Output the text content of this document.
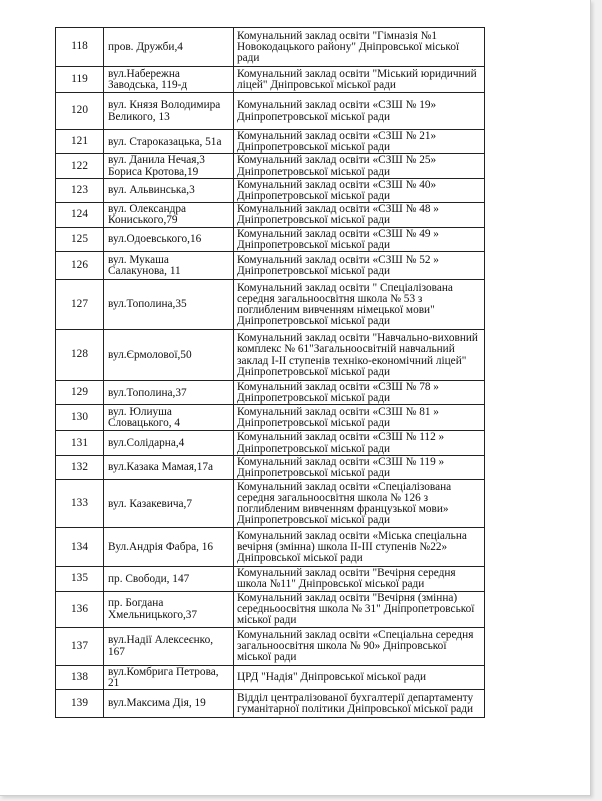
118	пров. Дружби,4	Комунальний заклад освіти "Гімназія №1 Новокодацького району" Дніпровської міської ради
119	вул.Набережна Заводська, 119-д	Комунальний заклад освіти "Міський юридичний ліцей" Дніпровської міської ради
120	вул. Князя Володимира Великого, 13	Комунальний заклад освіти «СЗШ № 19» Дніпропетровської міської ради
121	вул. Староказацька, 51а	Комунальний заклад освіти «СЗШ № 21» Дніпропетровської міської ради
122	вул. Данила Нечая,3 Бориса Кротова,19	Комунальний заклад освіти «СЗШ № 25» Дніпропетровської міської ради
123	вул. Альвинська,3	Комунальний заклад освіти «СЗШ № 40» Дніпропетровської міської ради
124	вул. Олександра Кониського,79	Комунальний заклад освіти «СЗШ № 48 » Дніпропетровської міської ради
125	вул.Одоевського,16	Комунальний заклад освіти «СЗШ № 49 » Дніпропетровської міської ради
126	вул. Мукаша Салакунова, 11	Комунальний заклад освіти «СЗШ № 52 » Дніпропетровської міської ради
127	вул.Тополина,35	Комунальний заклад освіти " Спеціалізована середня загальноосвітня школа № 53 з поглибленим вивченням німецької мови" Дніпропетровської міської ради
128	вул.Єрмолової,50	Комунальний заклад освіти "Навчально-виховний комплекс № 61"Загальноосвітній навчальний заклад І-ІІ ступенів техніко-економічний ліцей" Дніпропетровської міської ради
129	вул.Тополина,37	Комунальний заклад освіти «СЗШ № 78 » Дніпропетровської міської ради
130	вул. Юлиуша Словацького, 4	Комунальний заклад освіти «СЗШ № 81 » Дніпропетровської міської ради
131	вул.Солідарна,4	Комунальний заклад освіти «СЗШ № 112 » Дніпропетровської міської ради
132	вул.Казака Мамая,17а	Комунальний заклад освіти «СЗШ № 119 » Дніпропетровської міської ради
133	вул. Казакевича,7	Комунальний заклад освіти «Спеціалізована середня загальноосвітня школа № 126 з поглибленим вивченням французької мови» Дніпропетровської міської ради
134	Вул.Андрія Фабра, 16	Комунальний заклад освіти «Міська спеціальна вечірня (змінна) школа ІІ-ІІІ ступенів №22» Дніпровської міської ради
135	пр. Свободи, 147	Комунальний заклад освіти "Вечірня середня школа №11" Дніпровської міської ради
136	пр. Богдана Хмельницького,37	Комунальний заклад освіти "Вечірня (змінна) середньоосвітня школа № 31" Дніпропетровської міської ради
137	вул.Надії Алексеєнко, 167	Комунальний заклад освіти «Спеціальна середня загальноосвітня школа № 90» Дніпровської міської ради
138	вул.Комбрига Петрова, 21	ЦРД "Надія" Дніпровської міської ради
139	вул.Максима Дія, 19	Відділ централізованої бухгалтерії департаменту гуманітарної політики Дніпровської міської ради
